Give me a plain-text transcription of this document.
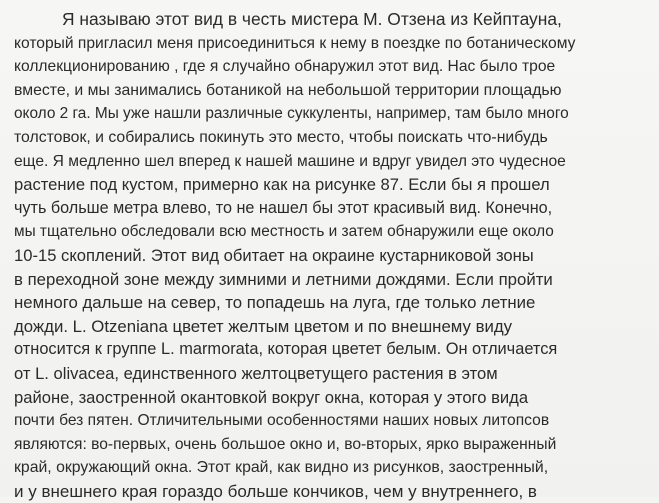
Я называю этот вид в честь мистера М. Отзена из Кейптауна,
который пригласил меня присоединиться к нему в поездке по ботаническому
коллекционированию , где я случайно обнаружил этот вид. Нас было трое
вместе, и мы занимались ботаникой на небольшой территории площадью
около 2 га. Мы уже нашли различные суккуленты, например, там было много
толстовок, и собирались покинуть это место, чтобы поискать что-нибудь
еще. Я медленно шел вперед к нашей машине и вдруг увидел это чудесное
растение под кустом, примерно как на рисунке 87. Если бы я прошел
чуть больше метра влево, то не нашел бы этот красивый вид. Конечно,
мы тщательно обследовали всю местность и затем обнаружили еще около
10-15 скоплений. Этот вид обитает на окраине кустарниковой зоны
в переходной зоне между зимними и летними дождями. Если пройти
немного дальше на север, то попадешь на луга, где только летние
дожди. L. Otzeniana цветет желтым цветом и по внешнему виду
относится к группе L. marmorata, которая цветет белым. Он отличается
от L. olivacea, единственного желтоцветущего растения в этом
районе, заостренной окантовкой вокруг окна, которая у этого вида
почти без пятен. Отличительными особенностями наших новых литопсов
являются: во-первых, очень большое окно и, во-вторых, ярко выраженный
край, окружающий окна. Этот край, как видно из рисунков, заостренный,
и у внешнего края гораздо больше кончиков, чем у внутреннего, в
